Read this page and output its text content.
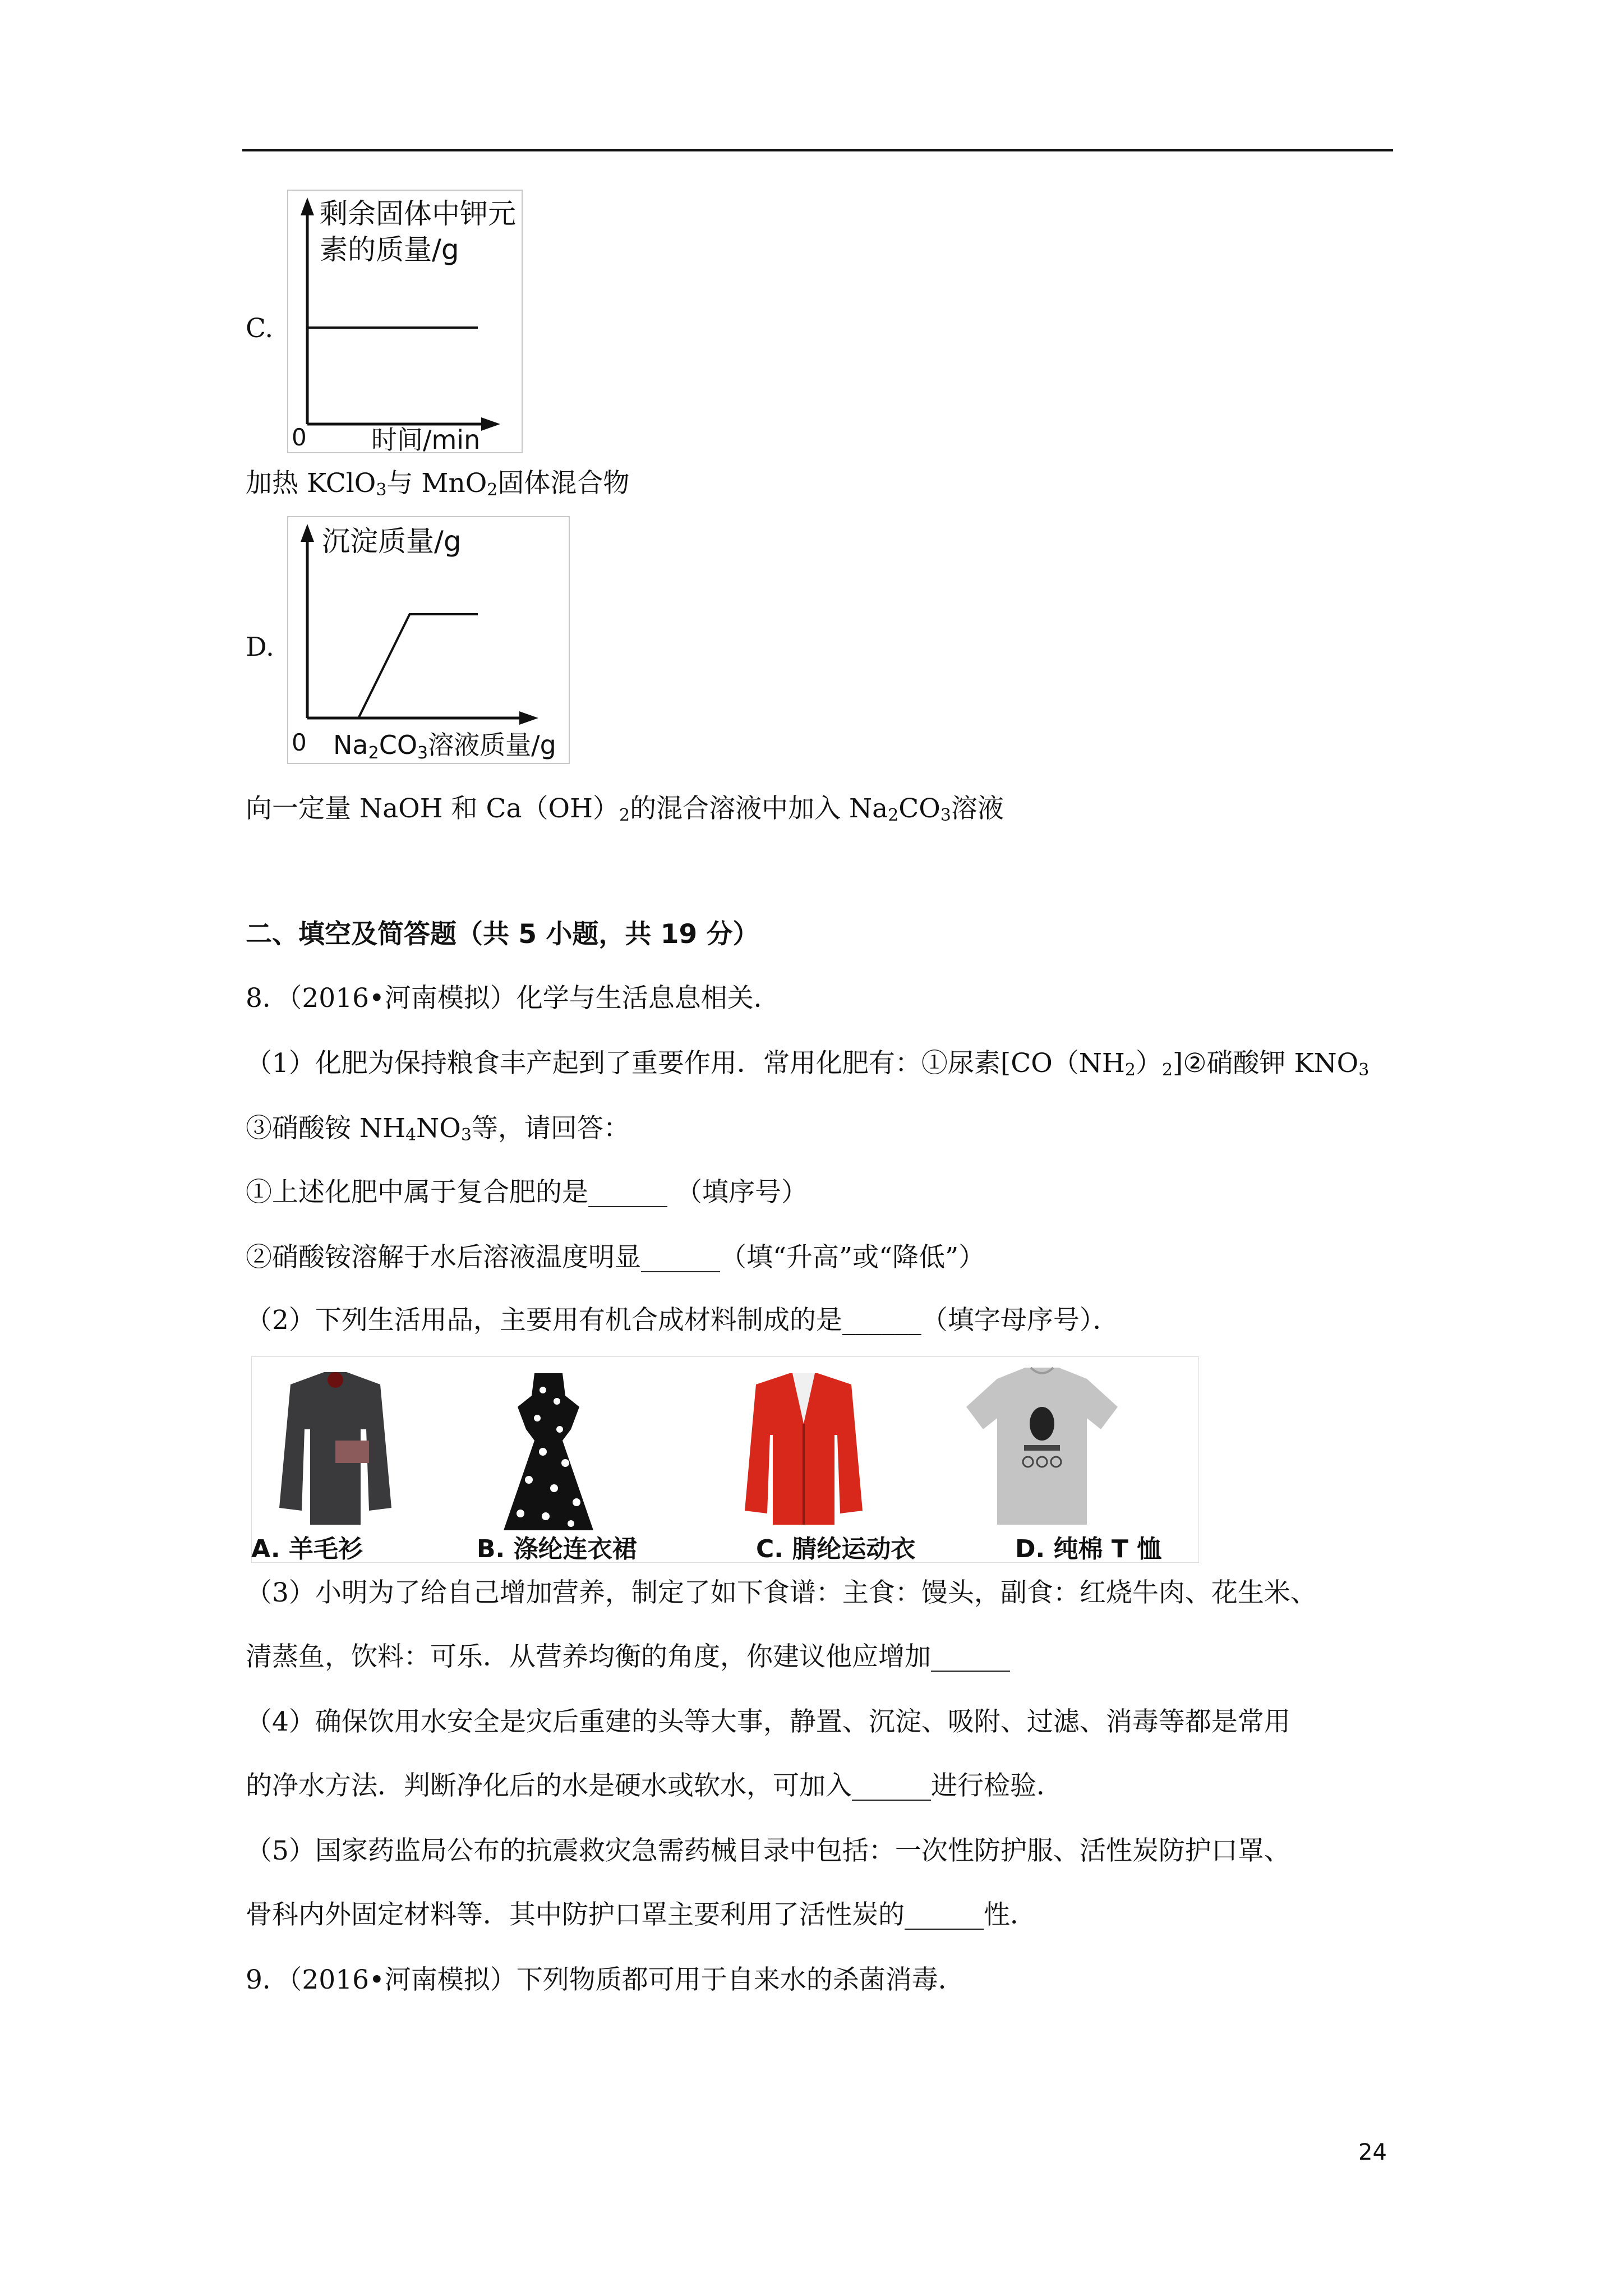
C.
剩余固体中钾元
素的质量/g
0	时间/min
加热 KClO$_3$与 MnO$_2$固体混合物
D.
沉淀质量/g
0 Na2CO3溶液质量/g
向一定量 NaOH 和 $Ca(OH)_2$的混合溶液中加入 $Na_2CO_3$溶液
二、填空及简答题（共 5 小题，共 19 分）
8．（2016•河南模拟）化学与生活息息相关．
（1）化肥为保持粮食丰产起到了重要作用．常用化肥有：①尿素$[CO(NH_2)_2]②$硝酸钾 $KNO_3$
③硝酸铵 $NH_4NO_3$等，请回答：
①上述化肥中属于复合肥的是______ （填序号）
②硝酸铵溶解于水后溶液温度明显______（填“升高”或“降低”）
（2）下列生活用品，主要用有机合成材料制成的是______（填字母序号）．
A. 羊毛衫	B. 涤纶连衣裙	C. 腈纶运动衣	D. 纯棉 T 恤
（3）小明为了给自己增加营养，制定了如下食谱：主食：馒头，副食：红烧牛肉、花生米、
清蒸鱼，饮料：可乐．从营养均衡的角度，你建议他应增加______
（4）确保饮用水安全是灾后重建的头等大事，静置、沉淀、吸附、过滤、消毒等都是常用
的净水方法．判断净化后的水是硬水或软水，可加入______进行检验．
（5）国家药监局公布的抗震救灾急需药械目录中包括：一次性防护服、活性炭防护口罩、
骨科内外固定材料等．其中防护口罩主要利用了活性炭的______性．
9．（2016•河南模拟）下列物质都可用于自来水的杀菌消毒．
24
